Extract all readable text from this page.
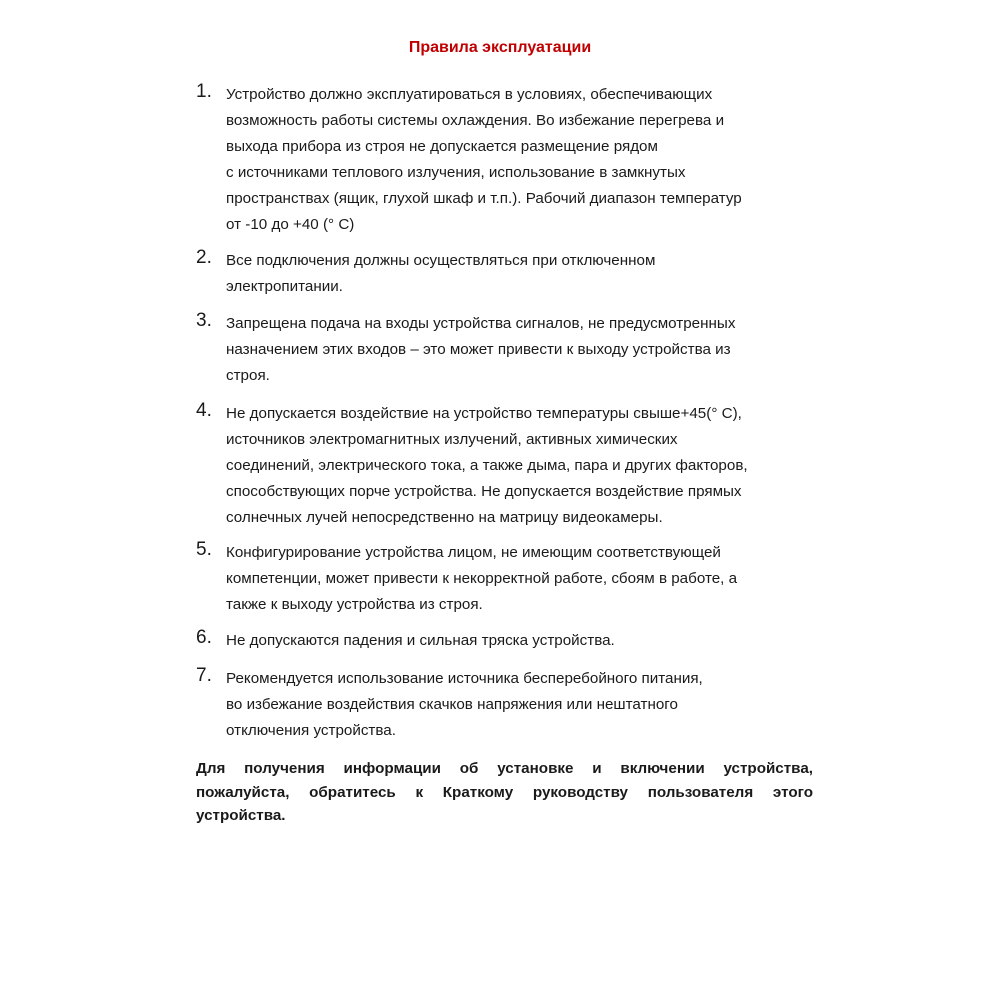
Правила эксплуатации
1. Устройство должно эксплуатироваться в условиях, обеспечивающих
возможность работы системы охлаждения. Во избежание перегрева и
выхода прибора из строя не допускается размещение рядом
с источниками теплового излучения, использование в замкнутых
пространствах (ящик, глухой шкаф и т.п.). Рабочий диапазон температур
от -10 до +40 (° С)
2. Все подключения должны осуществляться при отключенном
электропитании.
3. Запрещена подача на входы устройства сигналов, не предусмотренных
назначением этих входов – это может привести к выходу устройства из
строя.
4. Не допускается воздействие на устройство температуры свыше+45(° С),
источников электромагнитных излучений, активных химических
соединений, электрического тока, а также дыма, пара и других факторов,
способствующих порче устройства. Не допускается воздействие прямых
солнечных лучей непосредственно на матрицу видеокамеры.
5. Конфигурирование устройства лицом, не имеющим соответствующей
компетенции, может привести к некорректной работе, сбоям в работе, а
также к выходу устройства из строя.
6. Не допускаются падения и сильная тряска устройства.
7. Рекомендуется использование источника бесперебойного питания,
во избежание воздействия скачков напряжения или нештатного
отключения устройства.
Для получения информации об установке и включении устройства,
пожалуйста, обратитесь к Краткому руководству пользователя этого
устройства.
